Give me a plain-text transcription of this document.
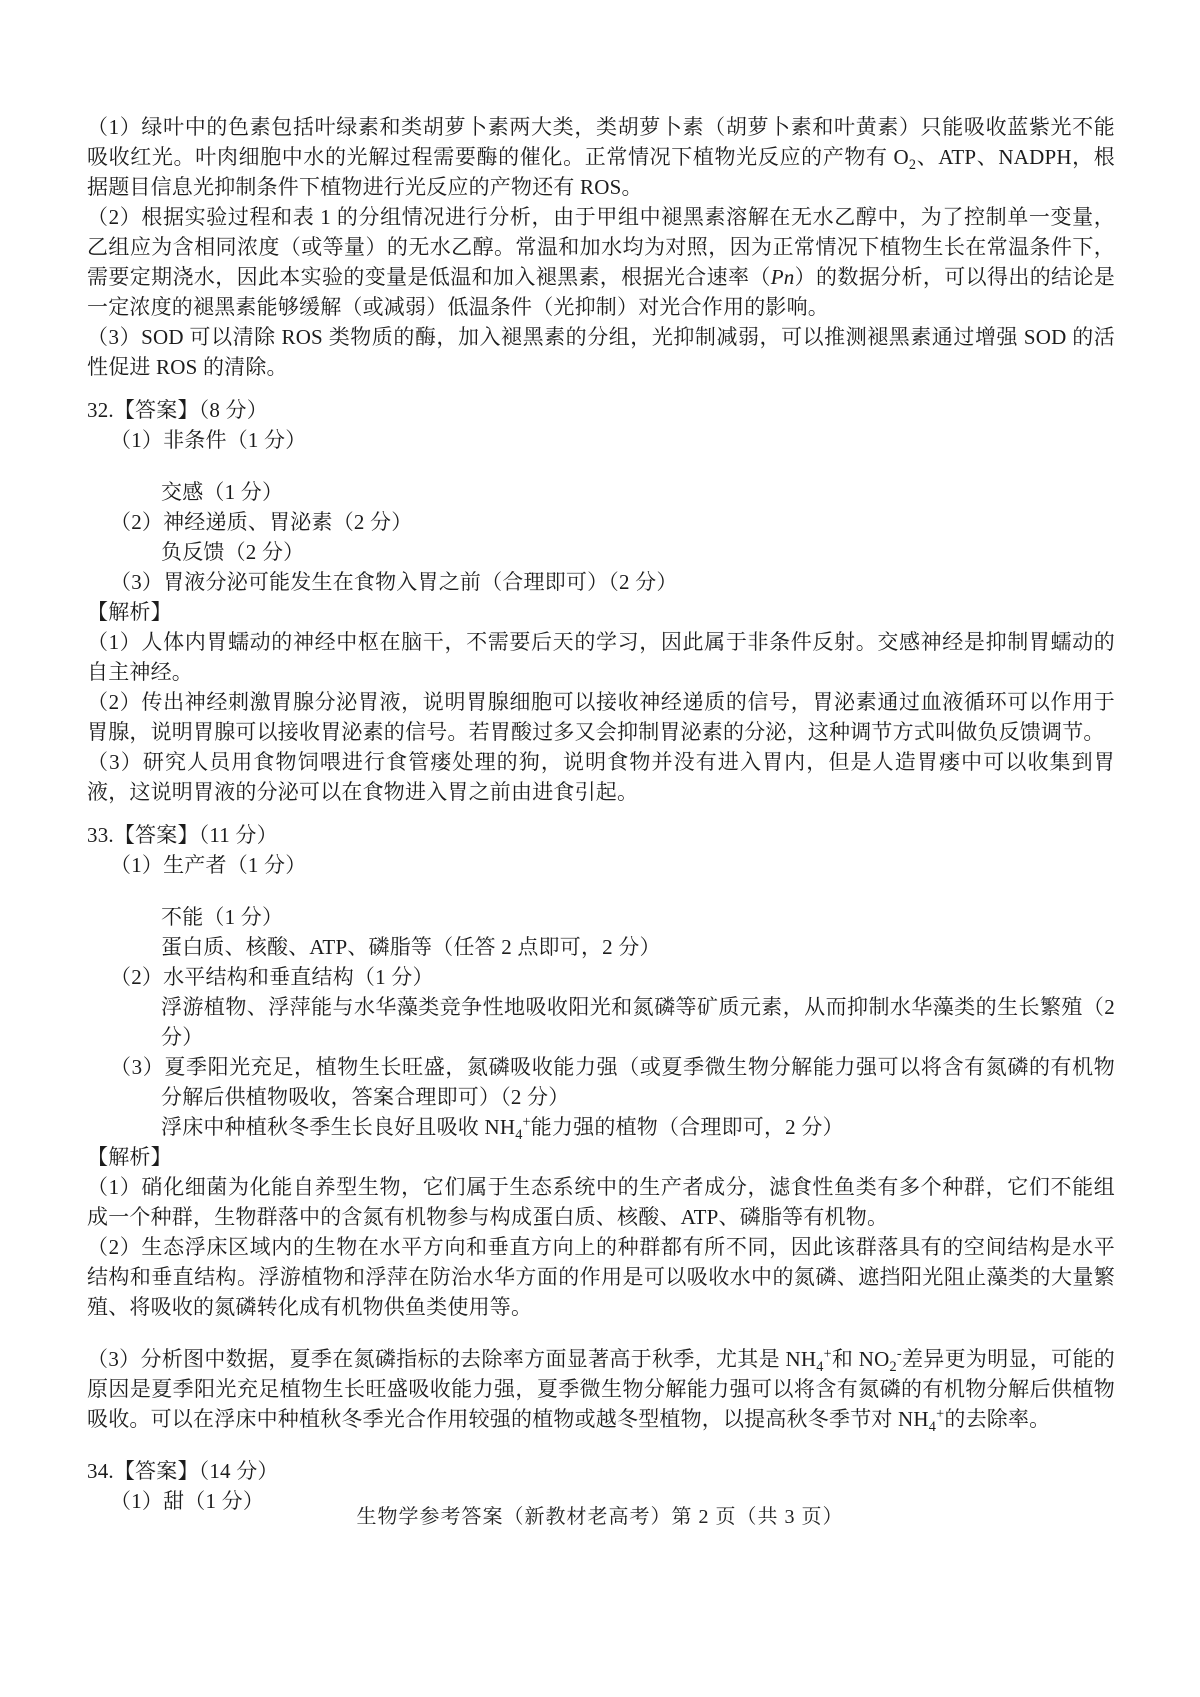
（1）绿叶中的色素包括叶绿素和类胡萝卜素两大类，类胡萝卜素（胡萝卜素和叶黄素）只能吸收蓝紫光不能吸收红光。叶肉细胞中水的光解过程需要酶的催化。正常情况下植物光反应的产物有 $O_2$、ATP、NADPH，根据题目信息光抑制条件下植物进行光反应的产物还有 ROS。

（2）根据实验过程和表 1 的分组情况进行分析，由于甲组中褪黑素溶解在无水乙醇中，为了控制单一变量，乙组应为含相同浓度（或等量）的无水乙醇。常温和加水均为对照，因为正常情况下植物生长在常温条件下，需要定期浇水，因此本实验的变量是低温和加入褪黑素，根据光合速率（Pn）的数据分析，可以得出的结论是一定浓度的褪黑素能够缓解（或减弱）低温条件（光抑制）对光合作用的影响。

（3）SOD 可以清除 ROS 类物质的酶，加入褪黑素的分组，光抑制减弱，可以推测褪黑素通过增强 SOD 的活性促进 ROS 的清除。

32.【答案】（8 分）

（1）非条件（1 分）

交感（1 分）

（2）神经递质、胃泌素（2 分）

负反馈（2 分）

（3）胃液分泌可能发生在食物入胃之前（合理即可）（2 分）

【解析】

（1）人体内胃蠕动的神经中枢在脑干，不需要后天的学习，因此属于非条件反射。交感神经是抑制胃蠕动的自主神经。

（2）传出神经刺激胃腺分泌胃液，说明胃腺细胞可以接收神经递质的信号，胃泌素通过血液循环可以作用于胃腺，说明胃腺可以接收胃泌素的信号。若胃酸过多又会抑制胃泌素的分泌，这种调节方式叫做负反馈调节。

（3）研究人员用食物饲喂进行食管瘘处理的狗，说明食物并没有进入胃内，但是人造胃瘘中可以收集到胃液，这说明胃液的分泌可以在食物进入胃之前由进食引起。

33.【答案】（11 分）

（1）生产者（1 分）

不能（1 分）

蛋白质、核酸、ATP、磷脂等（任答 2 点即可，2 分）

（2）水平结构和垂直结构（1 分）

浮游植物、浮萍能与水华藻类竞争性地吸收阳光和氮磷等矿质元素，从而抑制水华藻类的生长繁殖（2 分）

（3）夏季阳光充足，植物生长旺盛，氮磷吸收能力强（或夏季微生物分解能力强可以将含有氮磷的有机物分解后供植物吸收，答案合理即可）（2 分）

浮床中种植秋冬季生长良好且吸收 $NH_4^+$能力强的植物（合理即可，2 分）

【解析】

（1）硝化细菌为化能自养型生物，它们属于生态系统中的生产者成分，滤食性鱼类有多个种群，它们不能组成一个种群，生物群落中的含氮有机物参与构成蛋白质、核酸、ATP、磷脂等有机物。

（2）生态浮床区域内的生物在水平方向和垂直方向上的种群都有所不同，因此该群落具有的空间结构是水平结构和垂直结构。浮游植物和浮萍在防治水华方面的作用是可以吸收水中的氮磷、遮挡阳光阻止藻类的大量繁殖、将吸收的氮磷转化成有机物供鱼类使用等。

（3）分析图中数据，夏季在氮磷指标的去除率方面显著高于秋季，尤其是 $NH_4^+$和 $NO_2^-$差异更为明显，可能的原因是夏季阳光充足植物生长旺盛吸收能力强，夏季微生物分解能力强可以将含有氮磷的有机物分解后供植物吸收。可以在浮床中种植秋冬季光合作用较强的植物或越冬型植物，以提高秋冬季节对 $NH_4^+$的去除率。

34.【答案】（14 分）

（1）甜（1 分）

生物学参考答案（新教材老高考）第 2 页（共 3 页）
